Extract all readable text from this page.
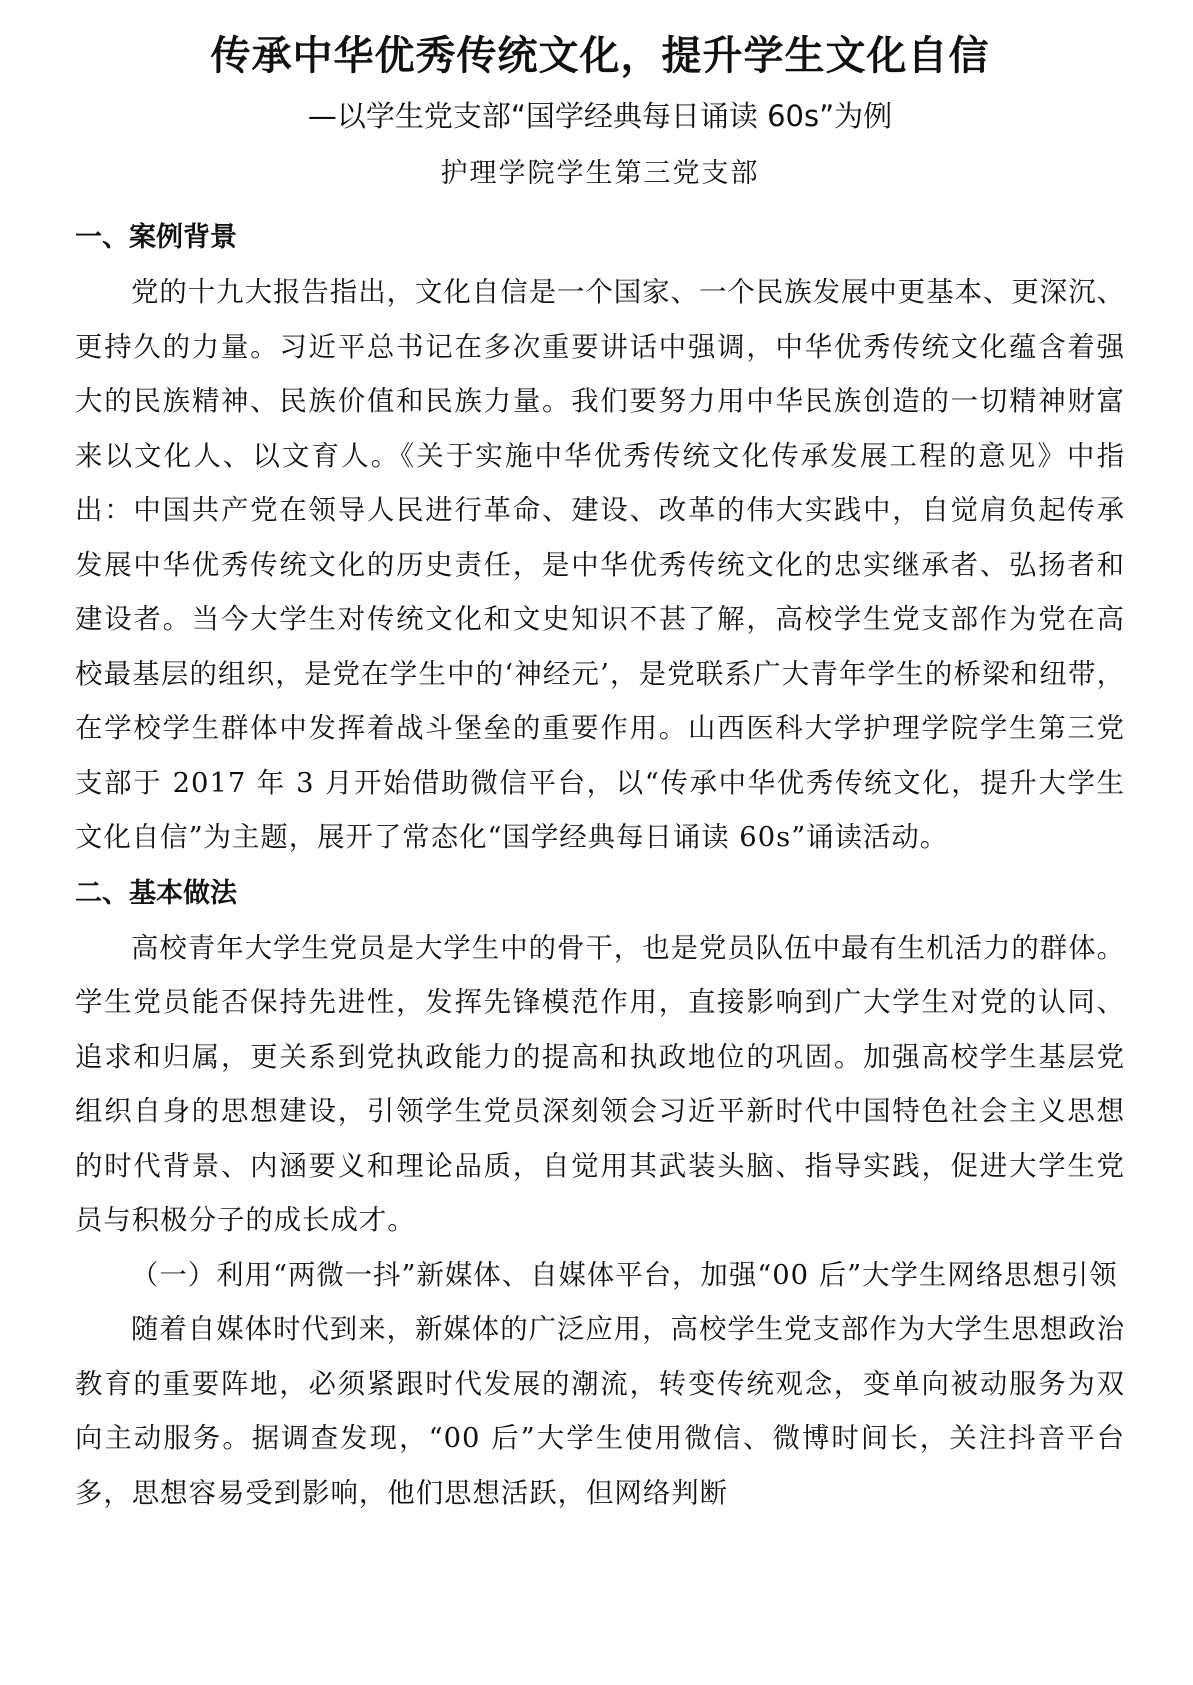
传承中华优秀传统文化，提升学生文化自信

—以学生党支部“国学经典每日诵读 60s”为例

护理学院学生第三党支部

一、案例背景

党的十九大报告指出，文化自信是一个国家、一个民族发展中更基本、更深沉、更持久的力量。习近平总书记在多次重要讲话中强调，中华优秀传统文化蕴含着强大的民族精神、民族价值和民族力量。我们要努力用中华民族创造的一切精神财富来以文化人、以文育人。《关于实施中华优秀传统文化传承发展工程的意见》中指出：中国共产党在领导人民进行革命、建设、改革的伟大实践中，自觉肩负起传承发展中华优秀传统文化的历史责任，是中华优秀传统文化的忠实继承者、弘扬者和建设者。当今大学生对传统文化和文史知识不甚了解，高校学生党支部作为党在高校最基层的组织，是党在学生中的‘神经元’，是党联系广大青年学生的桥梁和纽带，在学校学生群体中发挥着战斗堡垒的重要作用。山西医科大学护理学院学生第三党支部于 2017 年 3 月开始借助微信平台，以“传承中华优秀传统文化，提升大学生文化自信”为主题，展开了常态化“国学经典每日诵读 60s”诵读活动。

二、基本做法

高校青年大学生党员是大学生中的骨干，也是党员队伍中最有生机活力的群体。学生党员能否保持先进性，发挥先锋模范作用，直接影响到广大学生对党的认同、追求和归属，更关系到党执政能力的提高和执政地位的巩固。加强高校学生基层党组织自身的思想建设，引领学生党员深刻领会习近平新时代中国特色社会主义思想的时代背景、内涵要义和理论品质，自觉用其武装头脑、指导实践，促进大学生党员与积极分子的成长成才。

（一）利用“两微一抖”新媒体、自媒体平台，加强“00 后”大学生网络思想引领

随着自媒体时代到来，新媒体的广泛应用，高校学生党支部作为大学生思想政治教育的重要阵地，必须紧跟时代发展的潮流，转变传统观念，变单向被动服务为双向主动服务。据调查发现，“00 后”大学生使用微信、微博时间长，关注抖音平台多，思想容易受到影响，他们思想活跃，但网络判断
